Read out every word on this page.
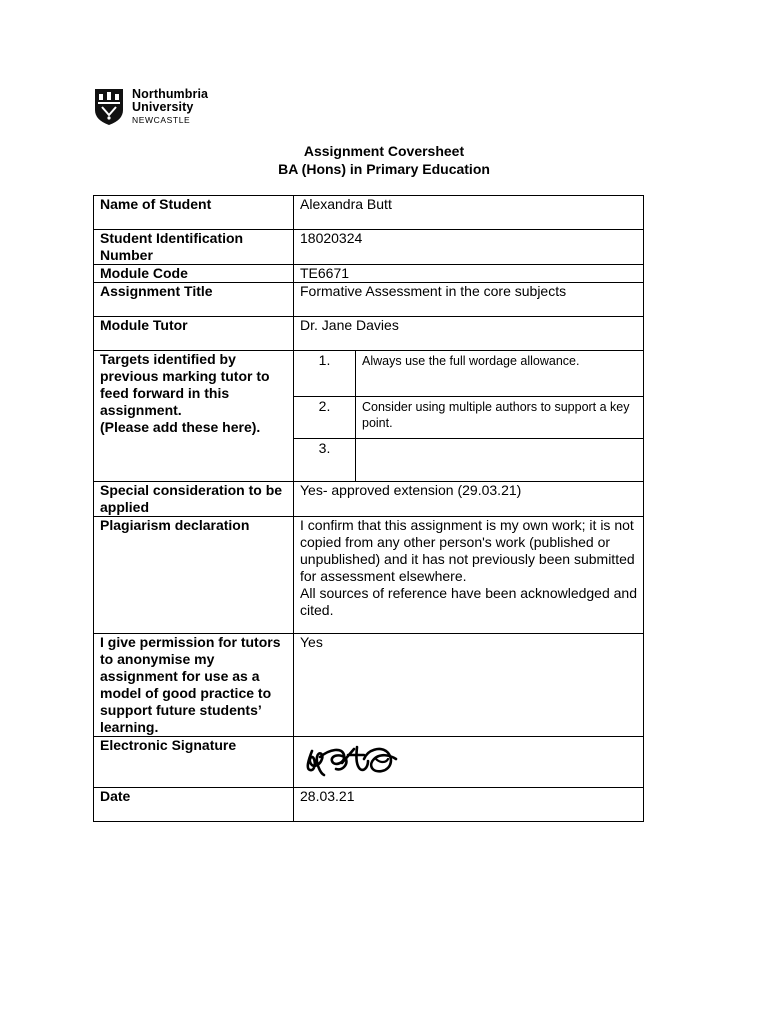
Northumbria
University
NEWCASTLE
Assignment Coversheet
BA (Hons) in Primary Education
Name of Student	Alexandra Butt
Student Identification Number	18020324
Module Code	TE6671
Assignment Title	Formative Assessment in the core subjects
Module Tutor	Dr. Jane Davies
Targets identified by previous marking tutor to feed forward in this assignment.
(Please add these here).	
1.	Always use the full wordage allowance.
2.	Consider using multiple authors to support a key point.
3.	

Special consideration to be applied	Yes- approved extension (29.03.21)
Plagiarism declaration	I confirm that this assignment is my own work; it is not copied from any other person's work (published or unpublished) and it has not previously been submitted for assessment elsewhere.
All sources of reference have been acknowledged and cited.
I give permission for tutors to anonymise my assignment for use as a model of good practice to support future students’ learning.	Yes
Electronic Signature	

Date	28.03.21
